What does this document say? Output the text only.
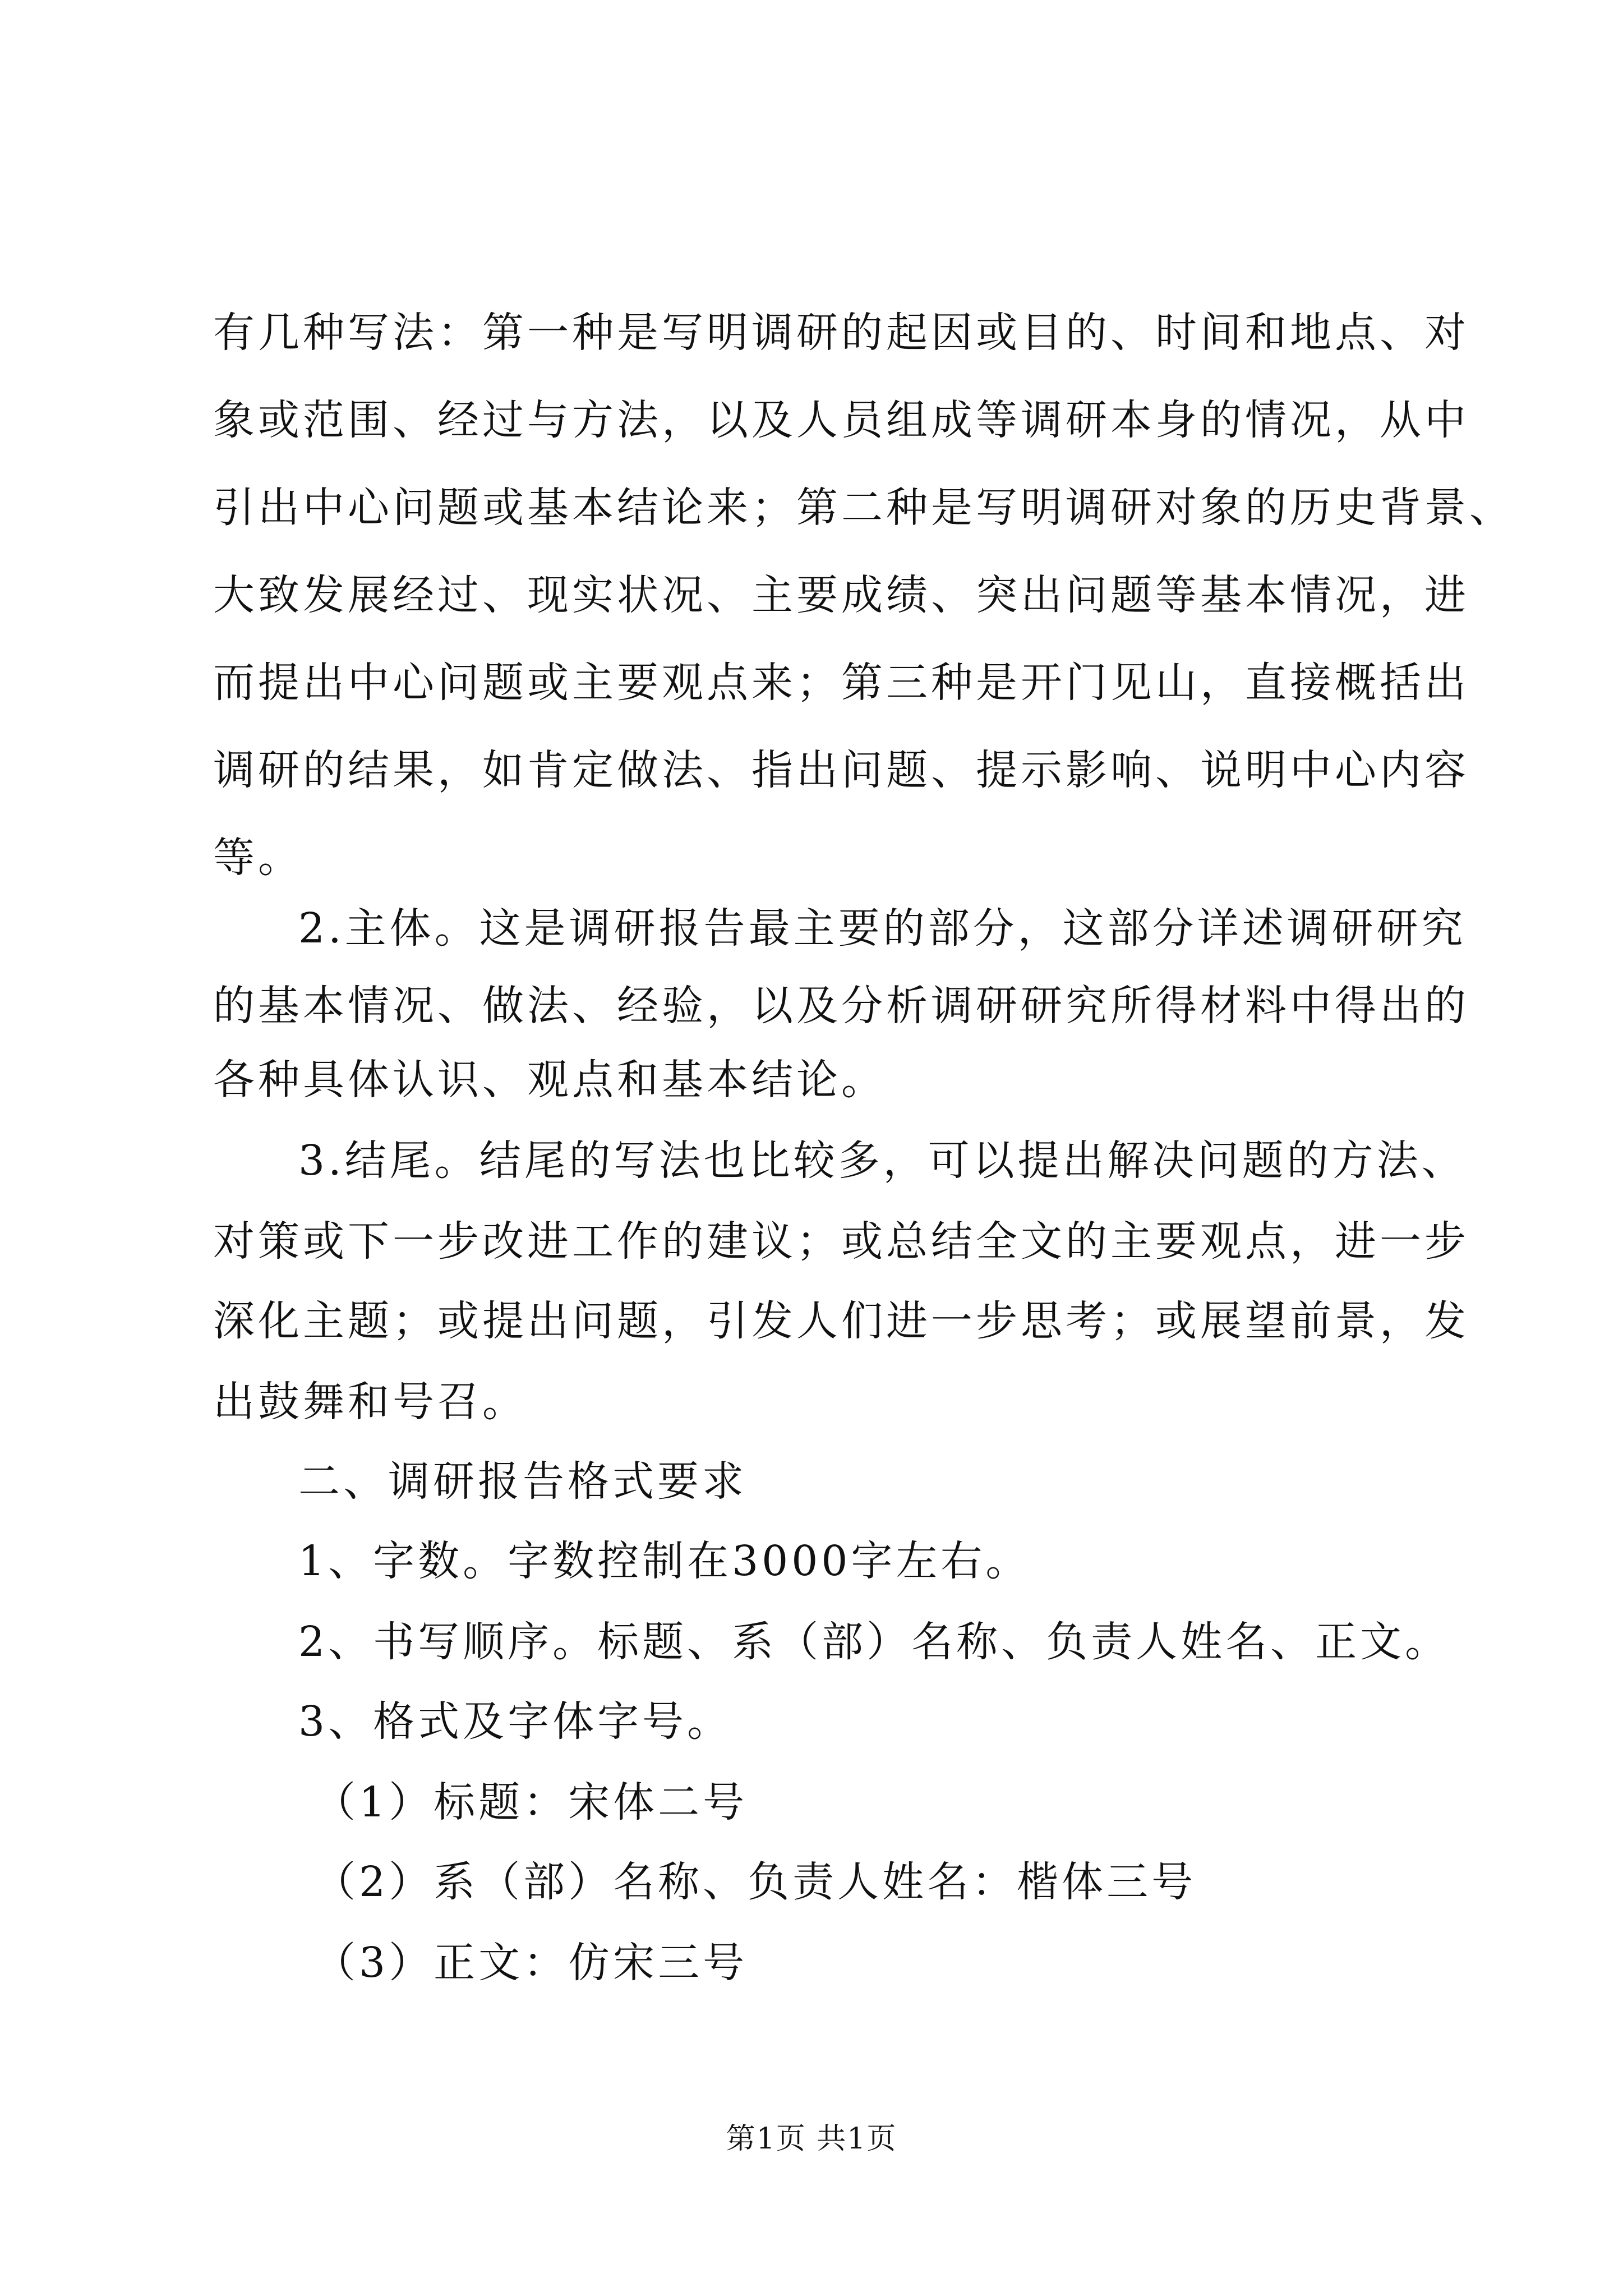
有几种写法：第一种是写明调研的起因或目的、时间和地点、对
象或范围、经过与方法，以及人员组成等调研本身的情况，从中
引出中心问题或基本结论来；第二种是写明调研对象的历史背景、
大致发展经过、现实状况、主要成绩、突出问题等基本情况，进
而提出中心问题或主要观点来；第三种是开门见山，直接概括出
调研的结果，如肯定做法、指出问题、提示影响、说明中心内容
等。
2.主体。这是调研报告最主要的部分，这部分详述调研研究
的基本情况、做法、经验，以及分析调研研究所得材料中得出的
各种具体认识、观点和基本结论。
3.结尾。结尾的写法也比较多，可以提出解决问题的方法、
对策或下一步改进工作的建议；或总结全文的主要观点，进一步
深化主题；或提出问题，引发人们进一步思考；或展望前景，发
出鼓舞和号召。
二、调研报告格式要求
1、字数。字数控制在3000字左右。
2、书写顺序。标题、系（部）名称、负责人姓名、正文。
3、格式及字体字号。
（1）标题：宋体二号
（2）系（部）名称、负责人姓名：楷体三号
（3）正文：仿宋三号
第1页 共1页
